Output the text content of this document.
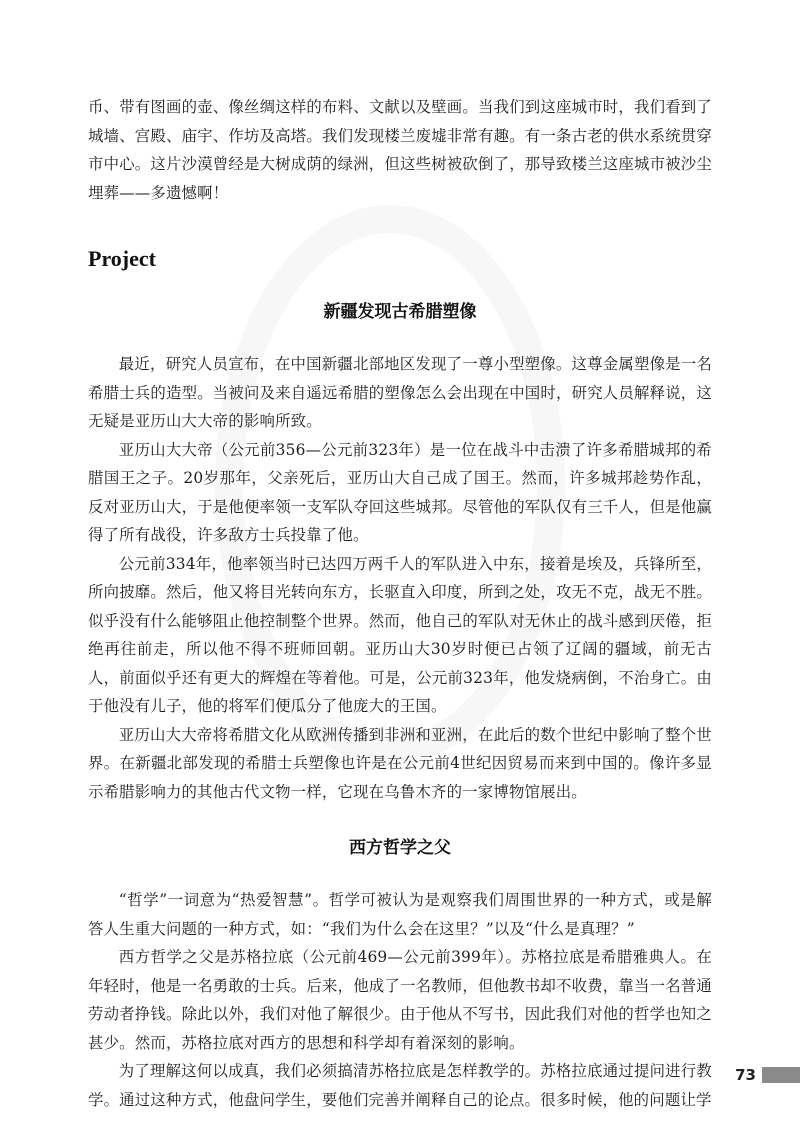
币、带有图画的壶、像丝绸这样的布料、文献以及壁画。当我们到这座城市时，我们看到了城墙、宫殿、庙宇、作坊及高塔。我们发现楼兰废墟非常有趣。有一条古老的供水系统贯穿市中心。这片沙漠曾经是大树成荫的绿洲，但这些树被砍倒了，那导致楼兰这座城市被沙尘埋葬——多遗憾啊！

Project
新疆发现古希腊塑像

最近，研究人员宣布，在中国新疆北部地区发现了一尊小型塑像。这尊金属塑像是一名希腊士兵的造型。当被问及来自遥远希腊的塑像怎么会出现在中国时，研究人员解释说，这无疑是亚历山大大帝的影响所致。

亚历山大大帝（公元前356—公元前323年）是一位在战斗中击溃了许多希腊城邦的希腊国王之子。20岁那年，父亲死后，亚历山大自己成了国王。然而，许多城邦趁势作乱，反对亚历山大，于是他便率领一支军队夺回这些城邦。尽管他的军队仅有三千人，但是他赢得了所有战役，许多敌方士兵投靠了他。

公元前334年，他率领当时已达四万两千人的军队进入中东，接着是埃及，兵锋所至，所向披靡。然后，他又将目光转向东方，长驱直入印度，所到之处，攻无不克，战无不胜。似乎没有什么能够阻止他控制整个世界。然而，他自己的军队对无休止的战斗感到厌倦，拒绝再往前走，所以他不得不班师回朝。亚历山大30岁时便已占领了辽阔的疆域，前无古人，前面似乎还有更大的辉煌在等着他。可是，公元前323年，他发烧病倒，不治身亡。由于他没有儿子，他的将军们便瓜分了他庞大的王国。

亚历山大大帝将希腊文化从欧洲传播到非洲和亚洲，在此后的数个世纪中影响了整个世界。在新疆北部发现的希腊士兵塑像也许是在公元前4世纪因贸易而来到中国的。像许多显示希腊影响力的其他古代文物一样，它现在乌鲁木齐的一家博物馆展出。

西方哲学之父

“哲学”一词意为“热爱智慧”。哲学可被认为是观察我们周围世界的一种方式，或是解答人生重大问题的一种方式，如：“我们为什么会在这里？”以及“什么是真理？”

西方哲学之父是苏格拉底（公元前469—公元前399年）。苏格拉底是希腊雅典人。在年轻时，他是一名勇敢的士兵。后来，他成了一名教师，但他教书却不收费，靠当一名普通劳动者挣钱。除此以外，我们对他了解很少。由于他从不写书，因此我们对他的哲学也知之甚少。然而，苏格拉底对西方的思想和科学却有着深刻的影响。

为了理解这何以成真，我们必须搞清苏格拉底是怎样教学的。苏格拉底通过提问进行教学。通过这种方式，他盘问学生，要他们完善并阐释自己的论点。很多时候，他的问题让学

73
